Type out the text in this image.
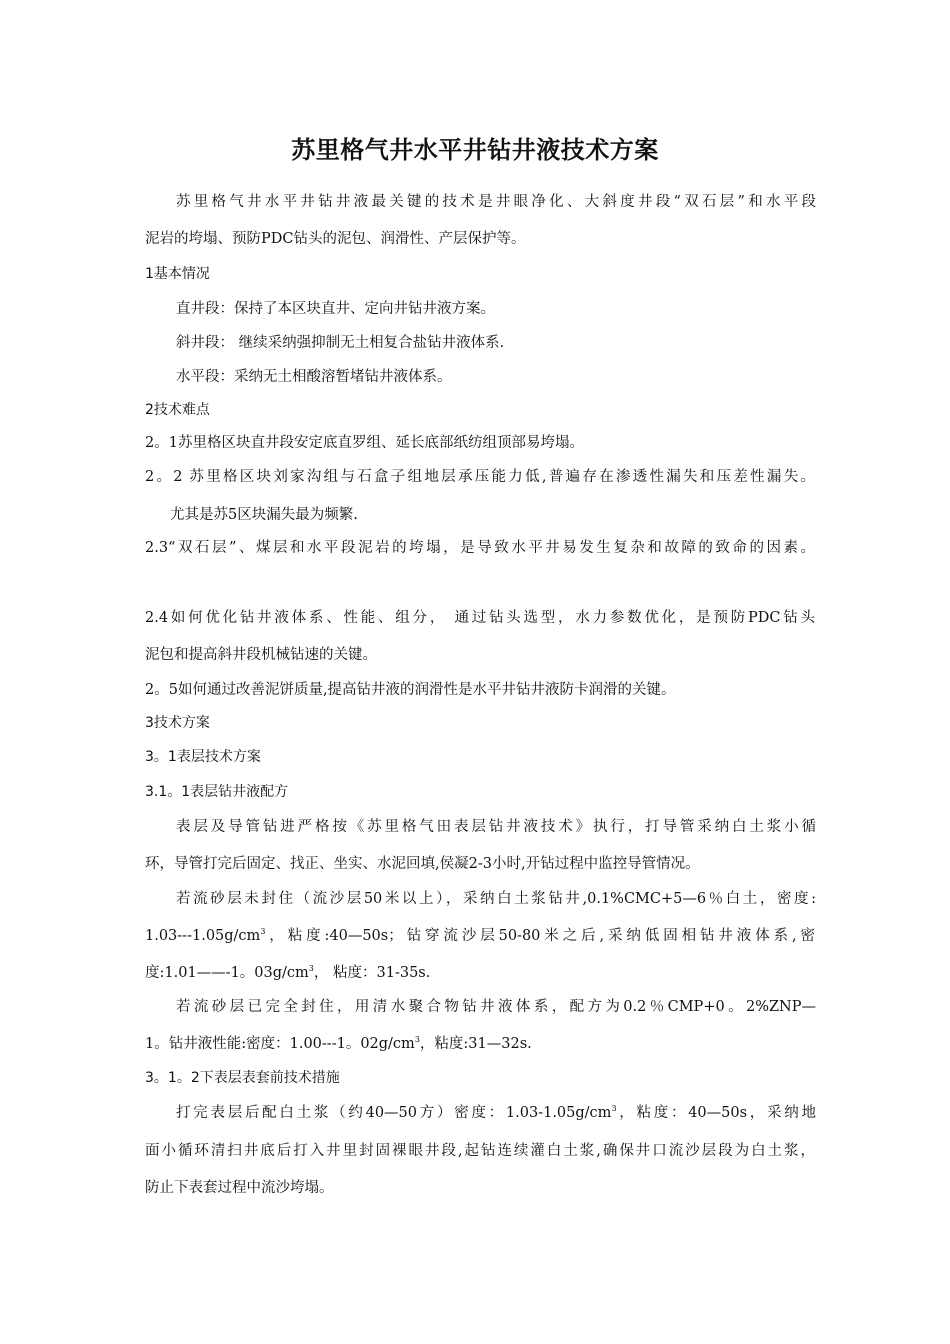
苏里格气井水平井钻井液技术方案
苏里格气井水平井钻井液最关键的技术是井眼净化、大斜度井段“双石层”和水平段
泥岩的垮塌、预防PDC钻头的泥包、润滑性、产层保护等。
1基本情况
直井段：保持了本区块直井、定向井钻井液方案。
斜井段： 继续采纳强抑制无土相复合盐钻井液体系.
水平段：采纳无土相酸溶暂堵钻井液体系。
2技术难点
2。1苏里格区块直井段安定底直罗组、延长底部纸纺组顶部易垮塌。
2。2 苏里格区块刘家沟组与石盒子组地层承压能力低,普遍存在渗透性漏失和压差性漏失。
尤其是苏5区块漏失最为频繁.
2.3“双石层”、煤层和水平段泥岩的垮塌，是导致水平井易发生复杂和故障的致命的因素。
2.4如何优化钻井液体系、性能、组分， 通过钻头选型，水力参数优化，是预防PDC钻头
泥包和提高斜井段机械钻速的关键。
2。5如何通过改善泥饼质量,提高钻井液的润滑性是水平井钻井液防卡润滑的关键。
3技术方案
3。1表层技术方案
3.1。1表层钻井液配方
表层及导管钻进严格按《苏里格气田表层钻井液技术》执行，打导管采纳白土浆小循
环，导管打完后固定、找正、坐实、水泥回填,侯凝2-3小时,开钻过程中监控导管情况。
若流砂层未封住（流沙层50米以上），采纳白土浆钻井,0.1%CMC+5—6％白土，密度:
$1.03---1.05g/cm^3$，粘度:40—50s；钻穿流沙层50-80米之后,采纳低固相钻井液体系,密
度:1.01——-1。$03g/cm^3$， 粘度：31-35s.
若流砂层已完全封住，用清水聚合物钻井液体系，配方为0.2％CMP+0。2%ZNP—
1。钻井液性能:密度：1.00---1。$02g/cm^3$，粘度:31—32s.
3。1。2下表层表套前技术措施
打完表层后配白土浆（约40—50方）密度：$1.03-1.05g/cm^3$，粘度：40—50s，采纳地
面小循环清扫井底后打入井里封固裸眼井段,起钻连续灌白土浆,确保井口流沙层段为白土浆，
防止下表套过程中流沙垮塌。
